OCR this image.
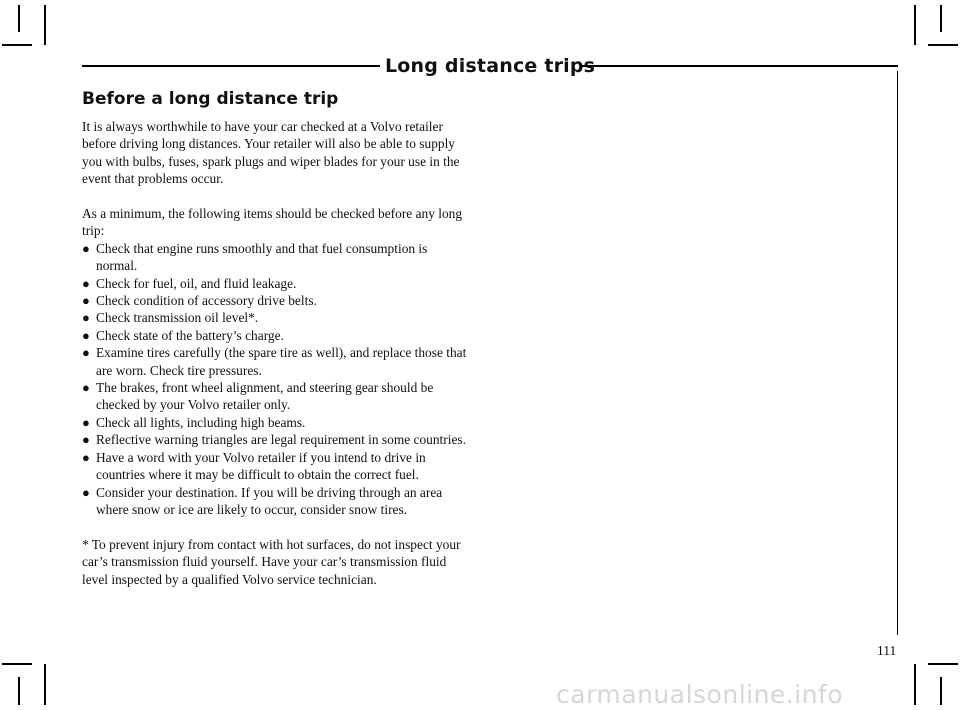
Long distance trips
Before a long distance trip

It is always worthwhile to have your car checked at a Volvo retailer before driving long distances. Your retailer will also be able to supply you with bulbs, fuses, spark plugs and wiper blades for your use in the event that problems occur.

As a minimum, the following items should be checked before any long trip:

● Check that engine runs smoothly and that fuel consumption is normal.
● Check for fuel, oil, and fluid leakage.
● Check condition of accessory drive belts.
● Check transmission oil level*.
● Check state of the battery’s charge.
● Examine tires carefully (the spare tire as well), and replace those that are worn. Check tire pressures.
● The brakes, front wheel alignment, and steering gear should be checked by your Volvo retailer only.
● Check all lights, including high beams.
● Reflective warning triangles are legal requirement in some countries.
● Have a word with your Volvo retailer if you intend to drive in countries where it may be difficult to obtain the correct fuel.
● Consider your destination. If you will be driving through an area where snow or ice are likely to occur, consider snow tires.

* To prevent injury from contact with hot surfaces, do not inspect your car’s transmission fluid yourself. Have your car’s transmission fluid level inspected by a qualified Volvo service technician.

111
carmanualsonline.info
